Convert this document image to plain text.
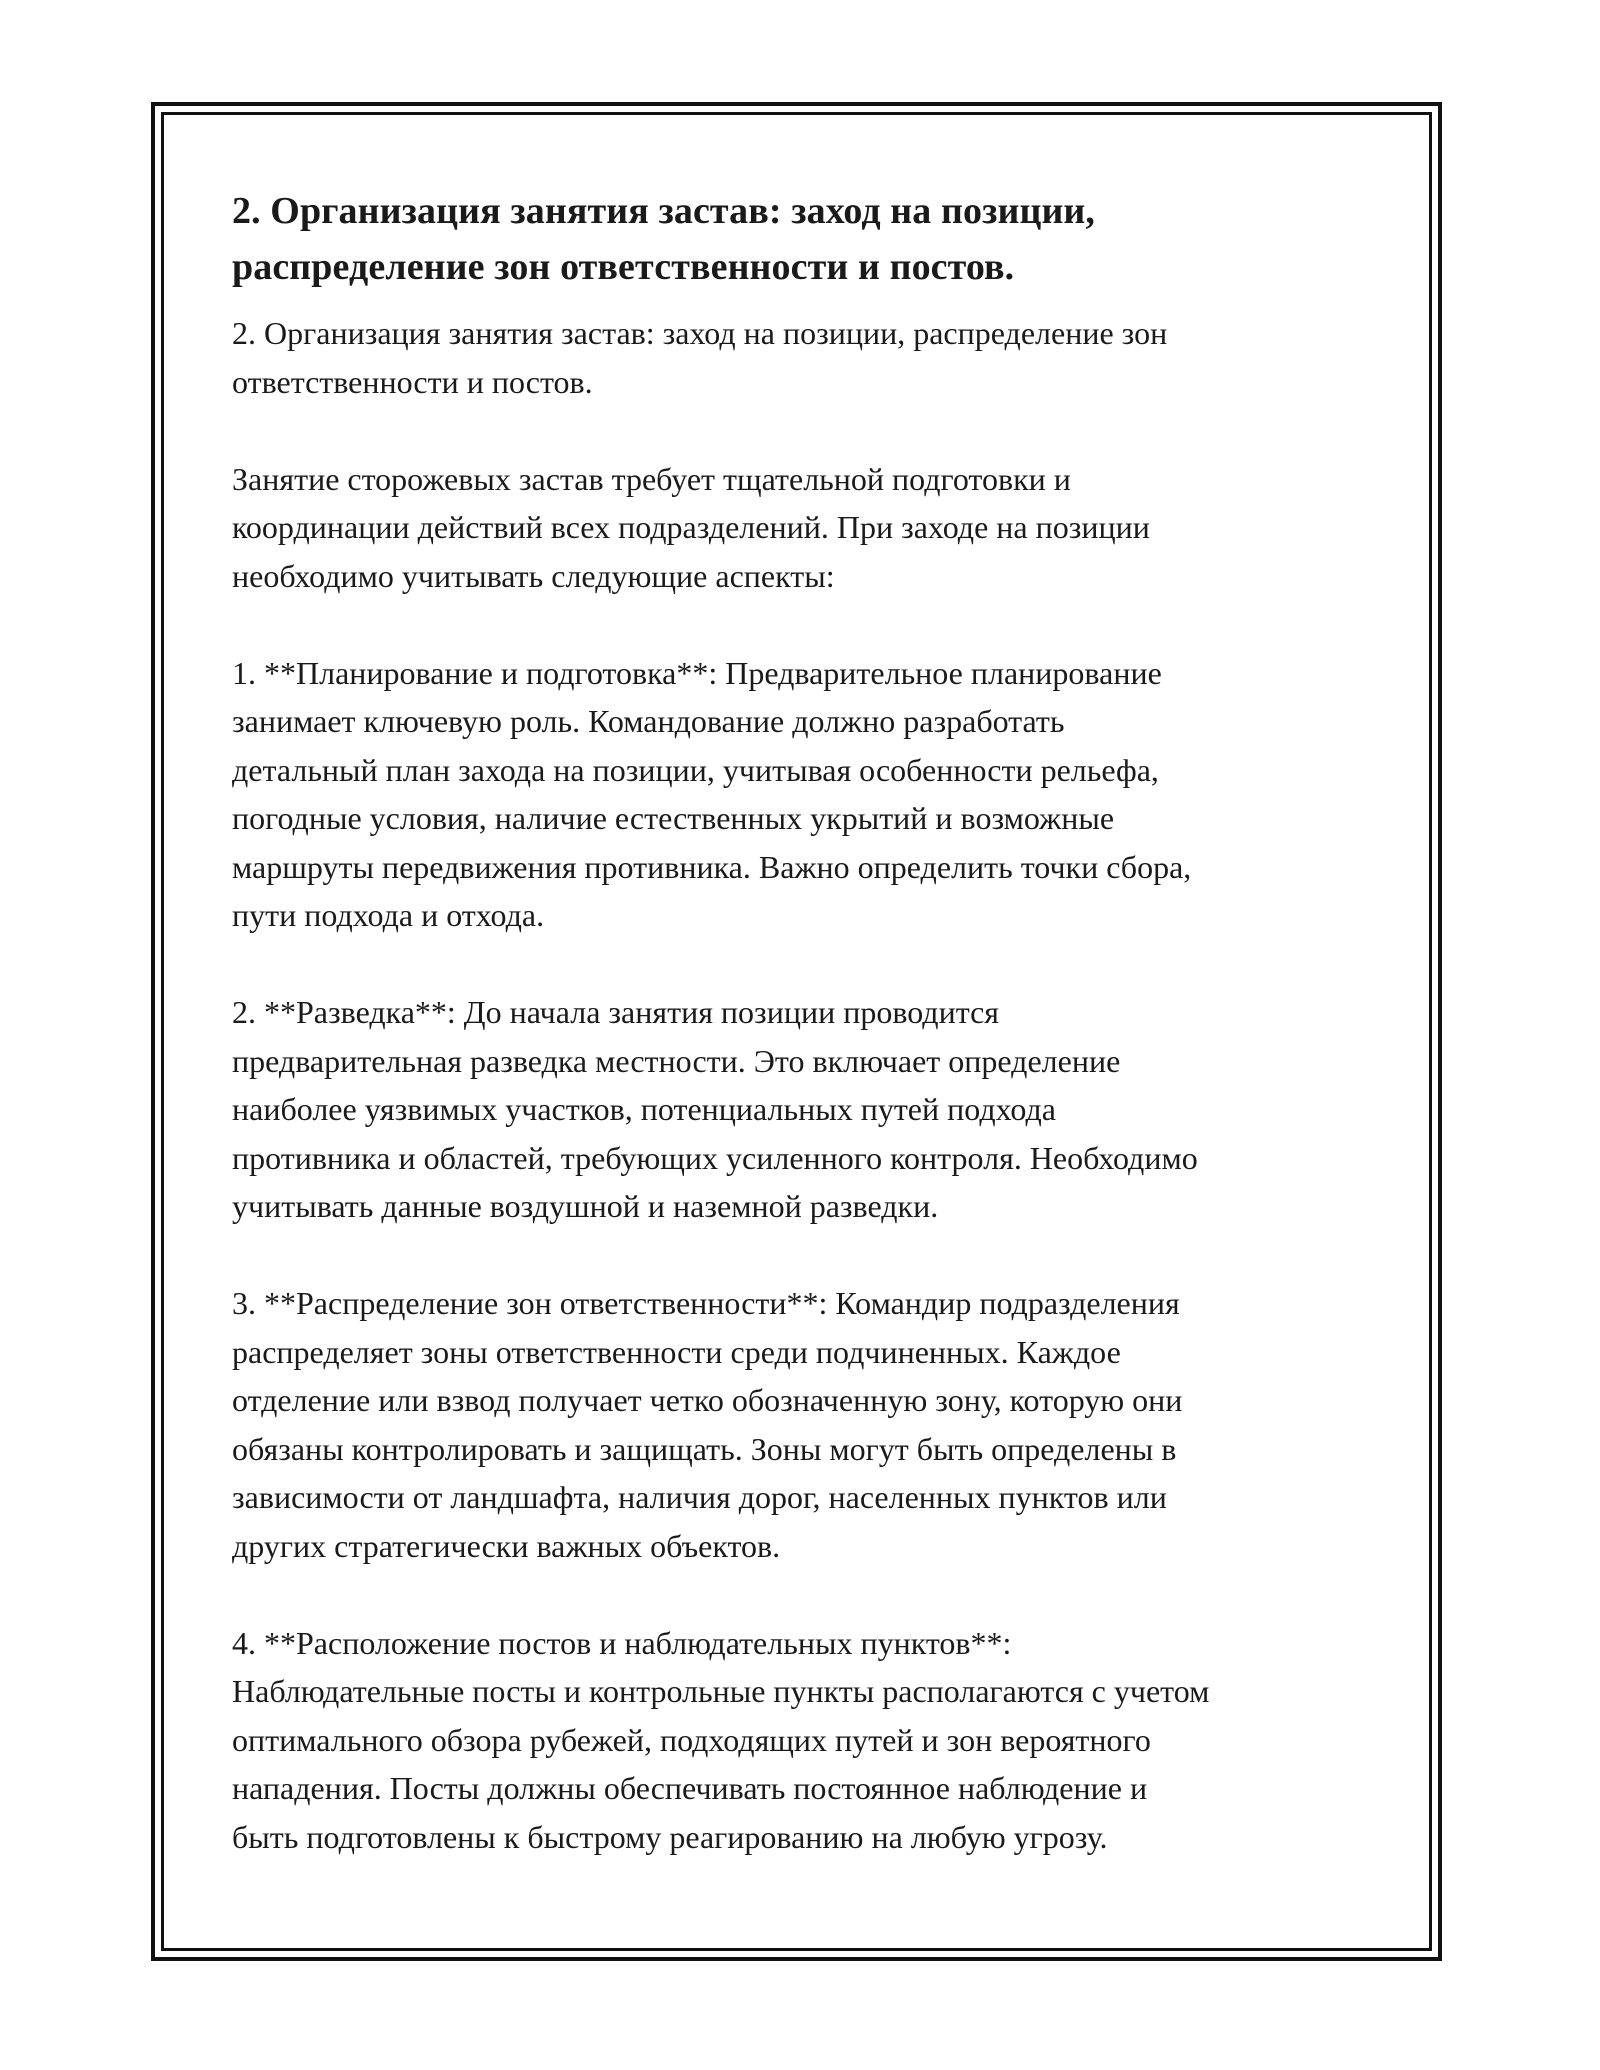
2. Организация занятия застав: заход на позиции,
распределение зон ответственности и постов.

2. Организация занятия застав: заход на позиции, распределение зон
ответственности и постов.

Занятие сторожевых застав требует тщательной подготовки и
координации действий всех подразделений. При заходе на позиции
необходимо учитывать следующие аспекты:

1. **Планирование и подготовка**: Предварительное планирование
занимает ключевую роль. Командование должно разработать
детальный план захода на позиции, учитывая особенности рельефа,
погодные условия, наличие естественных укрытий и возможные
маршруты передвижения противника. Важно определить точки сбора,
пути подхода и отхода.

2. **Разведка**: До начала занятия позиции проводится
предварительная разведка местности. Это включает определение
наиболее уязвимых участков, потенциальных путей подхода
противника и областей, требующих усиленного контроля. Необходимо
учитывать данные воздушной и наземной разведки.

3. **Распределение зон ответственности**: Командир подразделения
распределяет зоны ответственности среди подчиненных. Каждое
отделение или взвод получает четко обозначенную зону, которую они
обязаны контролировать и защищать. Зоны могут быть определены в
зависимости от ландшафта, наличия дорог, населенных пунктов или
других стратегически важных объектов.

4. **Расположение постов и наблюдательных пунктов**:
Наблюдательные посты и контрольные пункты располагаются с учетом
оптимального обзора рубежей, подходящих путей и зон вероятного
нападения. Посты должны обеспечивать постоянное наблюдение и
быть подготовлены к быстрому реагированию на любую угрозу.
